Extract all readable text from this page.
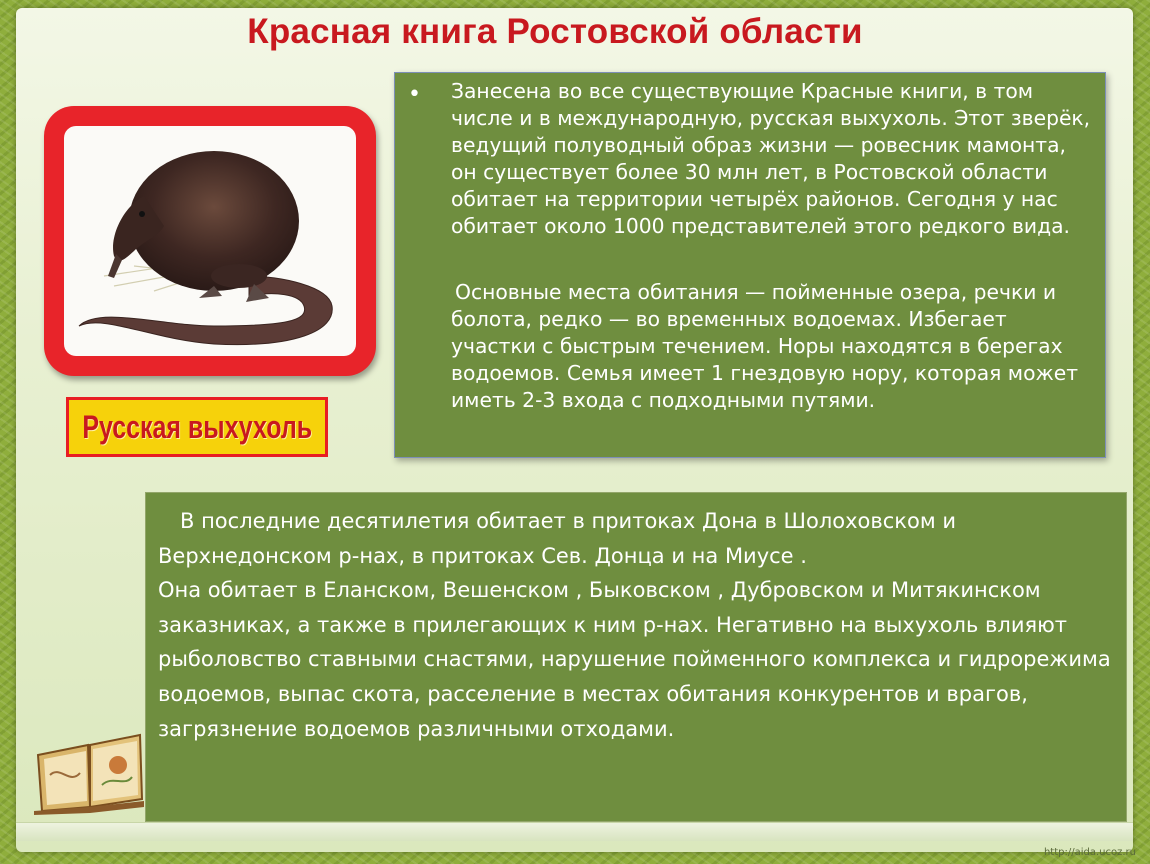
Красная книга Ростовской области
Русская выхухоль
• Занесена во все существующие Красные книги, в том числе и в международную, русская выхухоль. Этот зверёк, ведущий полуводный образ жизни — ровесник мамонта, он существует более 30 млн лет, в Ростовской области обитает на территории четырёх районов. Сегодня у нас обитает около 1000 представителей этого редкого вида.

Основные места обитания — пойменные озера, речки и болота, редко — во временных водоемах. Избегает участки с быстрым течением. Норы находятся в берегах водоемов. Семья имеет 1 гнездовую нору, которая может иметь 2-3 входа с подходными путями.

В последние десятилетия обитает в притоках Дона в Шолоховском и Верхнедонском р-нах, в притоках Сев. Донца и на Миусе .
Она обитает в Еланском, Вешенском , Быковском , Дубровском и Митякинском заказниках, а также в прилегающих к ним р-нах. Негативно на выхухоль влияют рыболовство ставными снастями, нарушение пойменного комплекса и гидрорежима водоемов, выпас скота, расселение в местах обитания конкурентов и врагов, загрязнение водоемов различными отходами.

http://aida.ucoz.ru
